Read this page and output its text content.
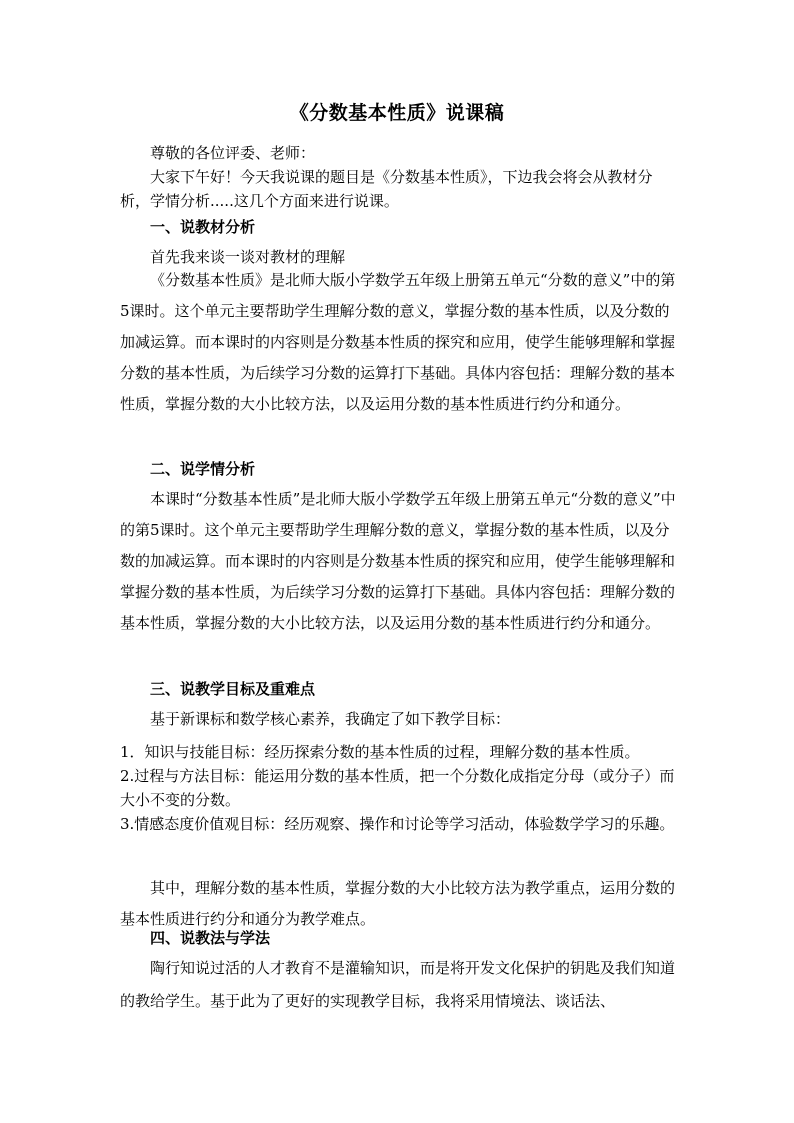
《分数基本性质》说课稿

尊敬的各位评委、老师：

大家下午好！今天我说课的题目是《分数基本性质》，下边我会将会从教材分析，学情分析.....这几个方面来进行说课。

一、说教材分析

首先我来谈一谈对教材的理解

《分数基本性质》是北师大版小学数学五年级上册第五单元“分数的意义”中的第5课时。这个单元主要帮助学生理解分数的意义，掌握分数的基本性质，以及分数的加减运算。而本课时的内容则是分数基本性质的探究和应用，使学生能够理解和掌握分数的基本性质，为后续学习分数的运算打下基础。具体内容包括：理解分数的基本性质，掌握分数的大小比较方法，以及运用分数的基本性质进行约分和通分。

二、说学情分析

本课时“分数基本性质”是北师大版小学数学五年级上册第五单元“分数的意义”中的第5课时。这个单元主要帮助学生理解分数的意义，掌握分数的基本性质，以及分数的加减运算。而本课时的内容则是分数基本性质的探究和应用，使学生能够理解和掌握分数的基本性质，为后续学习分数的运算打下基础。具体内容包括：理解分数的基本性质，掌握分数的大小比较方法，以及运用分数的基本性质进行约分和通分。

三、说教学目标及重难点

基于新课标和数学核心素养，我确定了如下教学目标：

1．知识与技能目标：经历探索分数的基本性质的过程，理解分数的基本性质。

2.过程与方法目标：能运用分数的基本性质，把一个分数化成指定分母（或分子）而大小不变的分数。

3.情感态度价值观目标：经历观察、操作和讨论等学习活动，体验数学学习的乐趣。

其中，理解分数的基本性质，掌握分数的大小比较方法为教学重点，运用分数的基本性质进行约分和通分为教学难点。

四、说教法与学法

陶行知说过活的人才教育不是灌输知识，而是将开发文化保护的钥匙及我们知道的教给学生。基于此为了更好的实现教学目标，我将采用情境法、谈话法、
